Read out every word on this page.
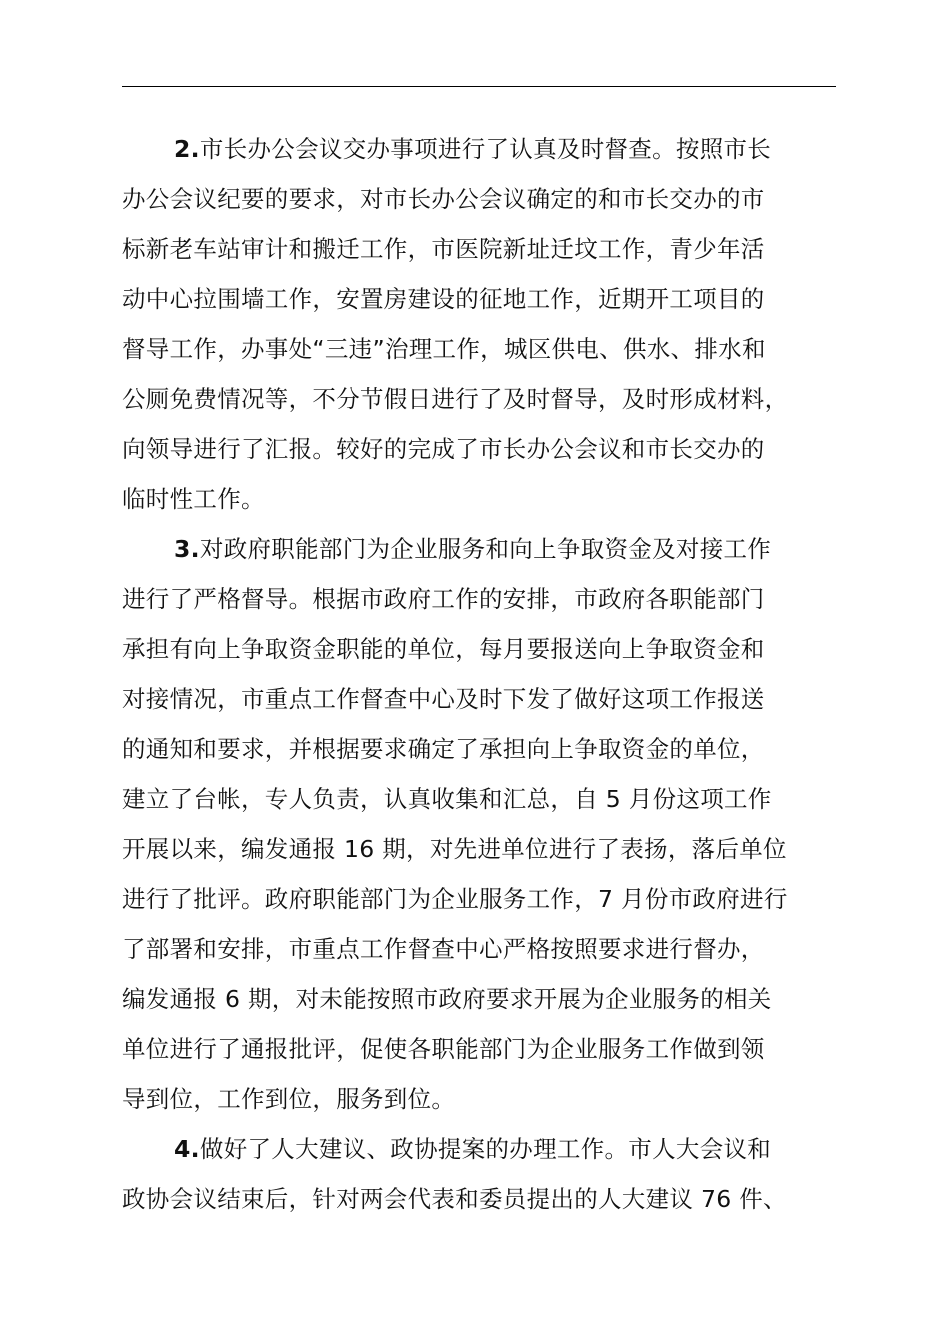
2.市长办公会议交办事项进行了认真及时督查。按照市长
办公会议纪要的要求，对市长办公会议确定的和市长交办的市
标新老车站审计和搬迁工作，市医院新址迁坟工作，青少年活
动中心拉围墙工作，安置房建设的征地工作，近期开工项目的
督导工作，办事处“三违”治理工作，城区供电、供水、排水和
公厕免费情况等，不分节假日进行了及时督导，及时形成材料，
向领导进行了汇报。较好的完成了市长办公会议和市长交办的
临时性工作。
3.对政府职能部门为企业服务和向上争取资金及对接工作
进行了严格督导。根据市政府工作的安排，市政府各职能部门
承担有向上争取资金职能的单位，每月要报送向上争取资金和
对接情况，市重点工作督查中心及时下发了做好这项工作报送
的通知和要求，并根据要求确定了承担向上争取资金的单位，
建立了台帐，专人负责，认真收集和汇总，自 5 月份这项工作
开展以来，编发通报 16 期，对先进单位进行了表扬，落后单位
进行了批评。政府职能部门为企业服务工作，7 月份市政府进行
了部署和安排，市重点工作督查中心严格按照要求进行督办，
编发通报 6 期，对未能按照市政府要求开展为企业服务的相关
单位进行了通报批评，促使各职能部门为企业服务工作做到领
导到位，工作到位，服务到位。
4.做好了人大建议、政协提案的办理工作。市人大会议和
政协会议结束后，针对两会代表和委员提出的人大建议 76 件、
